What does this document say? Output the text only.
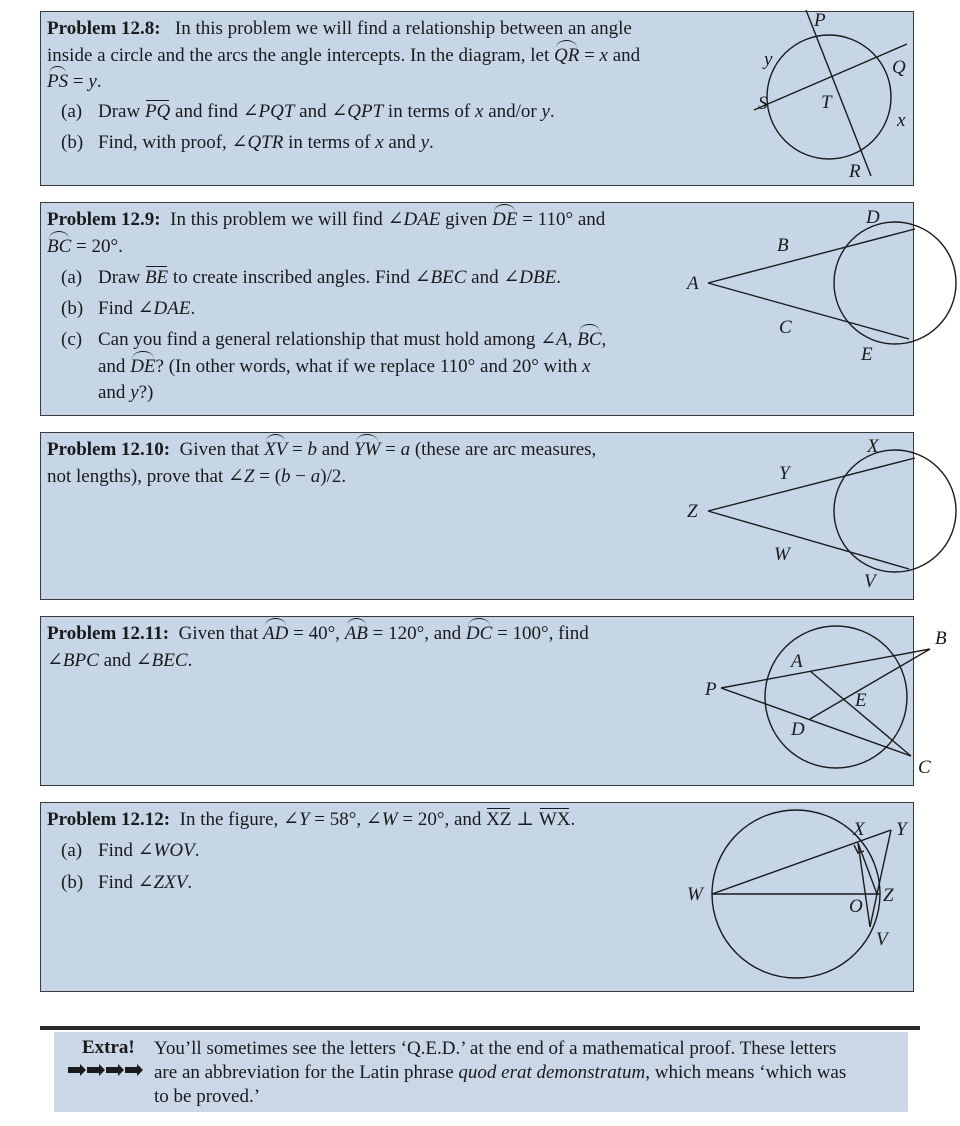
Problem 12.8: In this problem we will find a relationship between an angle
inside a circle and the arcs the angle intercepts. In the diagram, let QR = x and
PS = y.
(a) Draw PQ and find ∠PQT and ∠QPT in terms of x and/or y.
(b) Find, with proof, ∠QTR in terms of x and y.
P
Q
R
S	T
x
y
Problem 12.9: In this problem we will find ∠DAE given DE = 110° and
BC = 20°.
(a) Draw BE to create inscribed angles. Find ∠BEC and ∠DBE.
(b) Find ∠DAE.
(c) Can you find a general relationship that must hold among ∠A, BC,
and DE? (In other words, what if we replace 110° and 20° with x
and y?)
A
B
C
D
E
Problem 12.10: Given that XV = b and YW = a (these are arc measures,
not lengths), prove that ∠Z = (b − a)/2.
X
Y
Z
W
V
Problem 12.11: Given that AD = 40°, AB = 120°, and DC = 100°, find
∠BPC and ∠BEC.
P
A
B
C
D
E
Problem 12.12: In the figure, ∠Y = 58°, ∠W = 20°, and XZ ⊥ WX.
(a) Find ∠WOV.
(b) Find ∠ZXV.
W
X Y
Z
O
V
Extra! You’ll sometimes see the letters ‘Q.E.D.’ at the end of a mathematical proof. These letters
are an abbreviation for the Latin phrase quod erat demonstratum, which means ‘which was
to be proved.’
